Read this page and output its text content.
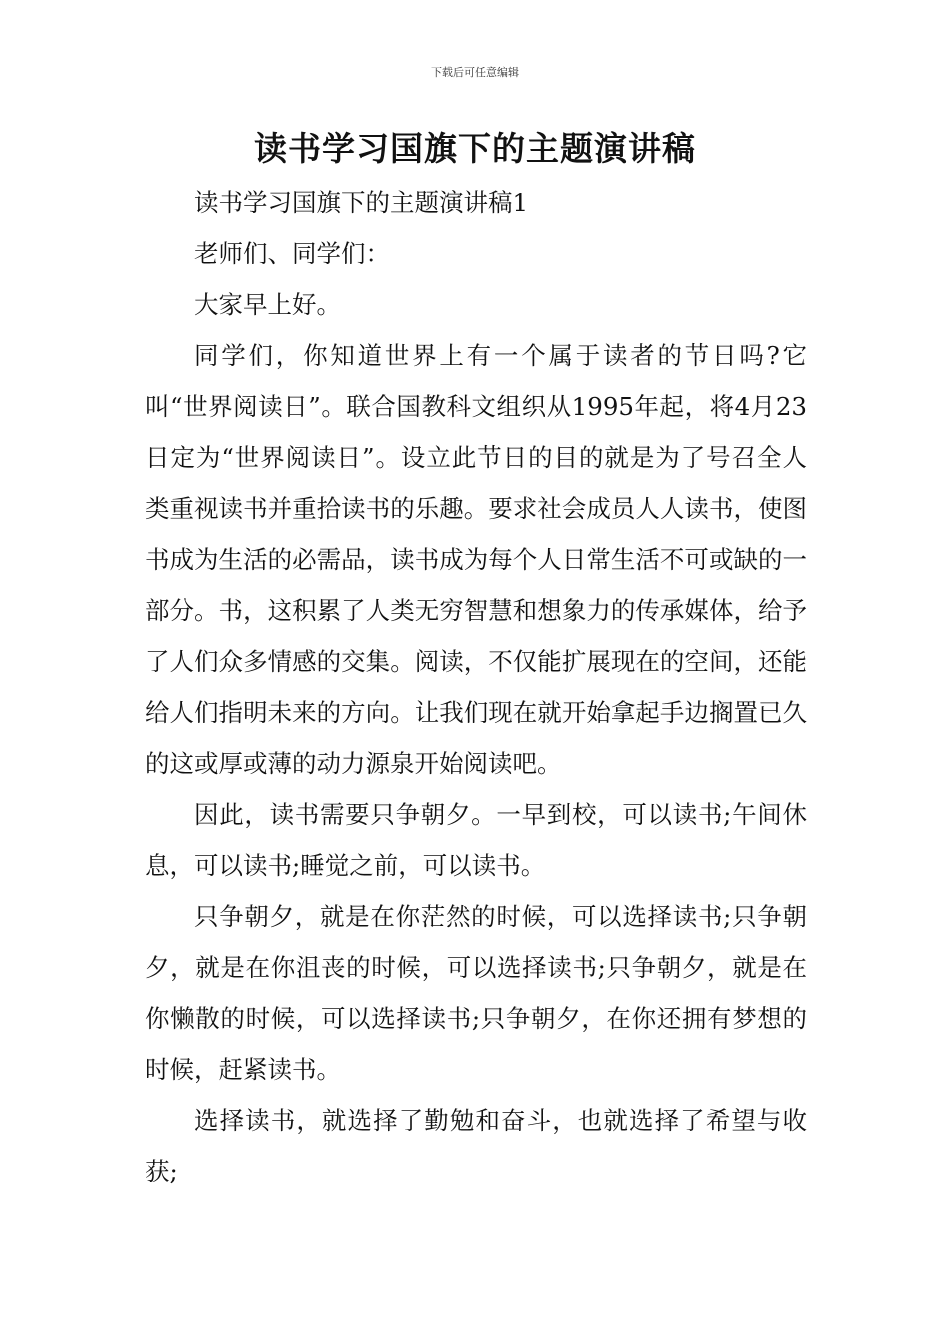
下载后可任意编辑
读书学习国旗下的主题演讲稿

读书学习国旗下的主题演讲稿1

老师们、同学们：

大家早上好。

同学们，你知道世界上有一个属于读者的节日吗?它叫“世界阅读日”。联合国教科文组织从1995年起，将4月23日定为“世界阅读日”。设立此节日的目的就是为了号召全人类重视读书并重拾读书的乐趣。要求社会成员人人读书，使图书成为生活的必需品，读书成为每个人日常生活不可或缺的一部分。书，这积累了人类无穷智慧和想象力的传承媒体，给予了人们众多情感的交集。阅读，不仅能扩展现在的空间，还能给人们指明未来的方向。让我们现在就开始拿起手边搁置已久的这或厚或薄的动力源泉开始阅读吧。

因此，读书需要只争朝夕。一早到校，可以读书;午间休息，可以读书;睡觉之前，可以读书。

只争朝夕，就是在你茫然的时候，可以选择读书;只争朝夕，就是在你沮丧的时候，可以选择读书;只争朝夕，就是在你懒散的时候，可以选择读书;只争朝夕，在你还拥有梦想的时候，赶紧读书。

选择读书，就选择了勤勉和奋斗，也就选择了希望与收获;
